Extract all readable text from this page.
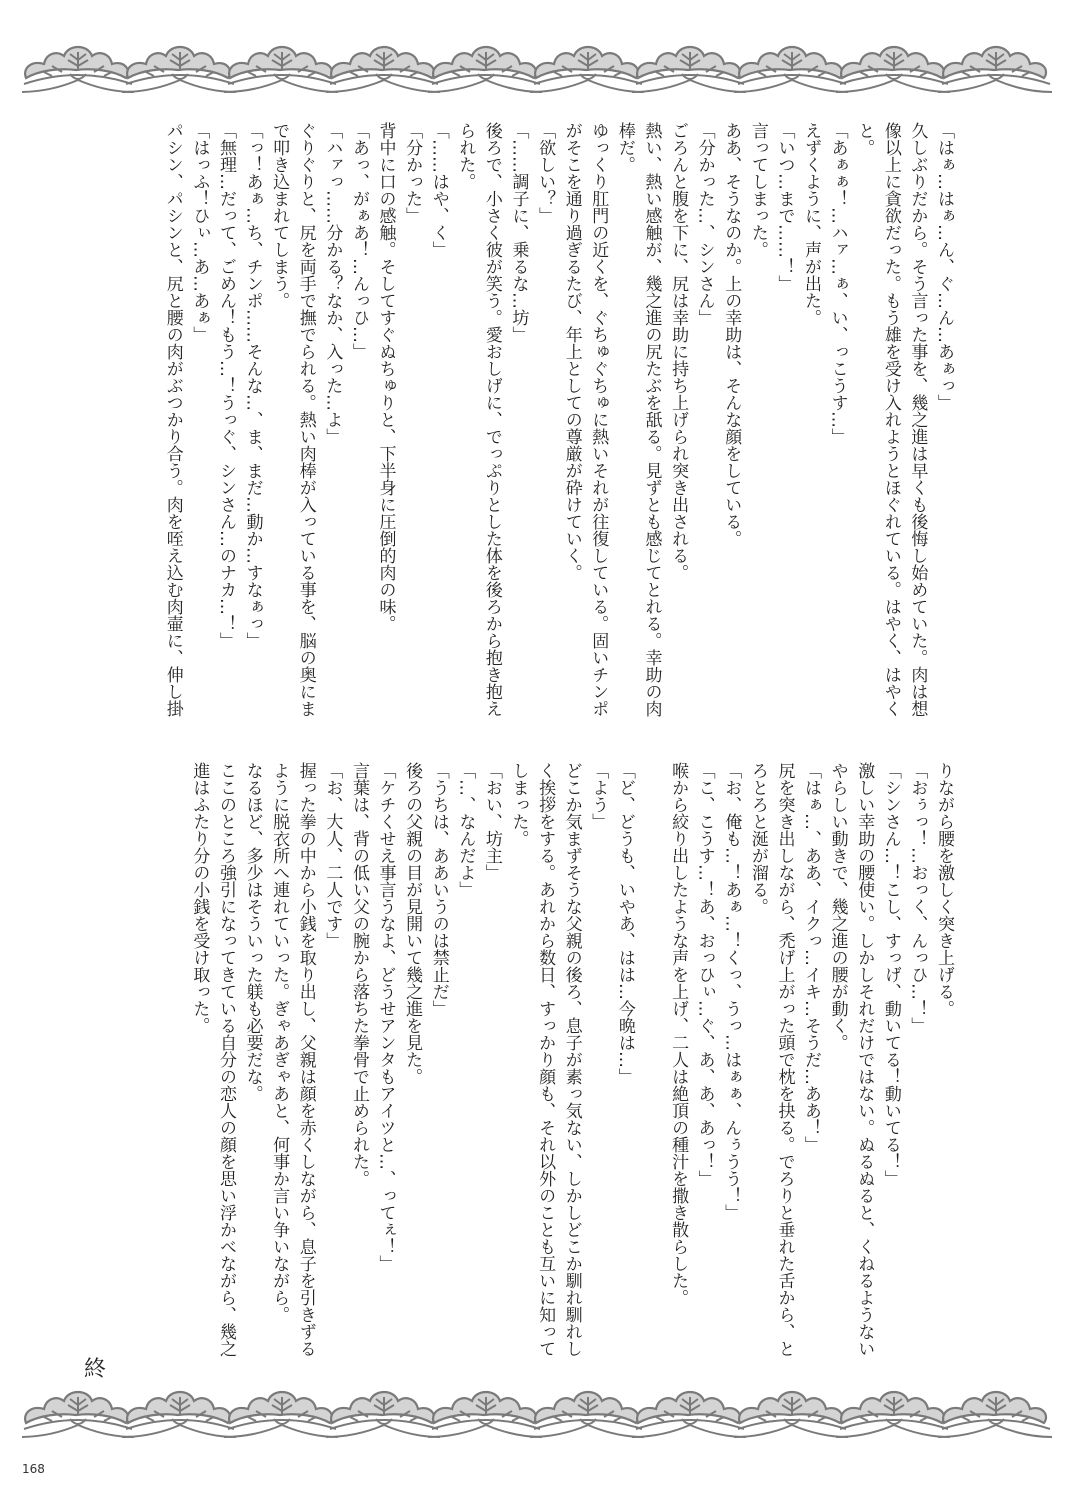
「はぁ…はぁ…ん、ぐ…ん…あぁっ」
久しぶりだから。そう言った事を、幾之進は早くも後悔し始めていた。肉は想
像以上に貪欲だった。もう雄を受け入れようとほぐれている。はやく、はやく
と。
「あぁぁ！…ハァ…ぁ、い、っこうす…」
えずくように、声が出た。
「いつ…まで……！」
言ってしまった。
ああ、そうなのか。上の幸助は、そんな顔をしている。
「分かった…、シンさん」
ごろんと腹を下に、尻は幸助に持ち上げられ突き出される。
熱い、熱い感触が、幾之進の尻たぶを舐る。見ずとも感じてとれる。幸助の肉
棒だ。
ゆっくり肛門の近くを、ぐちゅぐちゅに熱いそれが往復している。固いチンポ
がそこを通り過ぎるたび、年上としての尊厳が砕けていく。
「欲しい？」
「……調子に、乗るな…坊」
後ろで、小さく彼が笑う。愛おしげに、でっぷりとした体を後ろから抱き抱え
られた。
「……はや、く」
「分かった」
背中に口の感触。そしてすぐぬちゅりと、下半身に圧倒的肉の味。
「あっ、がぁあ！…んっひ…」
「ハァっ……分かる？なか、入った…よ」
ぐりぐりと、尻を両手で撫でられる。熱い肉棒が入っている事を、脳の奥にま
で叩き込まれてしまう。
「っ！あぁ…ち、チンポ……そんな…、ま、まだ…動か…すなぁっ」
「無理…だって、ごめん！もう…！うっぐ、シンさん…のナカ…！」
「はっふ！ひぃ…あ…あぁ」
パシン、パシンと、尻と腰の肉がぶつかり合う。肉を咥え込む肉壷に、伸し掛
りながら腰を激しく突き上げる。
「おぅっ！…おっく、んっひ…！」
「シンさん…！こし、すっげ、動いてる！動いてる！」
激しい幸助の腰使い。しかしそれだけではない。ぬるぬると、くねるようない
やらしい動きで、幾之進の腰が動く。
「はぁ…、ああ、イクっ…イキ…そうだ…ああ！」
尻を突き出しながら、禿げ上がった頭で枕を抉る。でろりと垂れた舌から、と
ろとろと涎が溜る。
「お、俺も…！あぁ…！くっ、うっ…はぁぁ、んぅうう！」
「こ、こうす…！あ、おっひぃ…ぐ、あ、あ、あっ！」
喉から絞り出したような声を上げ、二人は絶頂の種汁を撒き散らした。
「ど、どうも、いやあ、はは…今晩は…」
「よう」
どこか気まずそうな父親の後ろ、息子が素っ気ない、しかしどこか馴れ馴れし
く挨拶をする。あれから数日、すっかり顔も、それ以外のことも互いに知って
しまった。
「おい、坊主」
「…、なんだよ」
「うちは、ああいうのは禁止だ」
後ろの父親の目が見開いて幾之進を見た。
「ケチくせえ事言うなよ、どうせアンタもアイツと…、ってぇ！」
言葉は、背の低い父の腕から落ちた拳骨で止められた。
「お、大人、二人です」
握った拳の中から小銭を取り出し、父親は顔を赤くしながら、息子を引きずる
ように脱衣所へ連れていった。ぎゃあぎゃあと、何事か言い争いながら。
なるほど、多少はそういった躾も必要だな。
ここのところ強引になってきている自分の恋人の顔を思い浮かべながら、幾之
進はふたり分の小銭を受け取った。
終
168
